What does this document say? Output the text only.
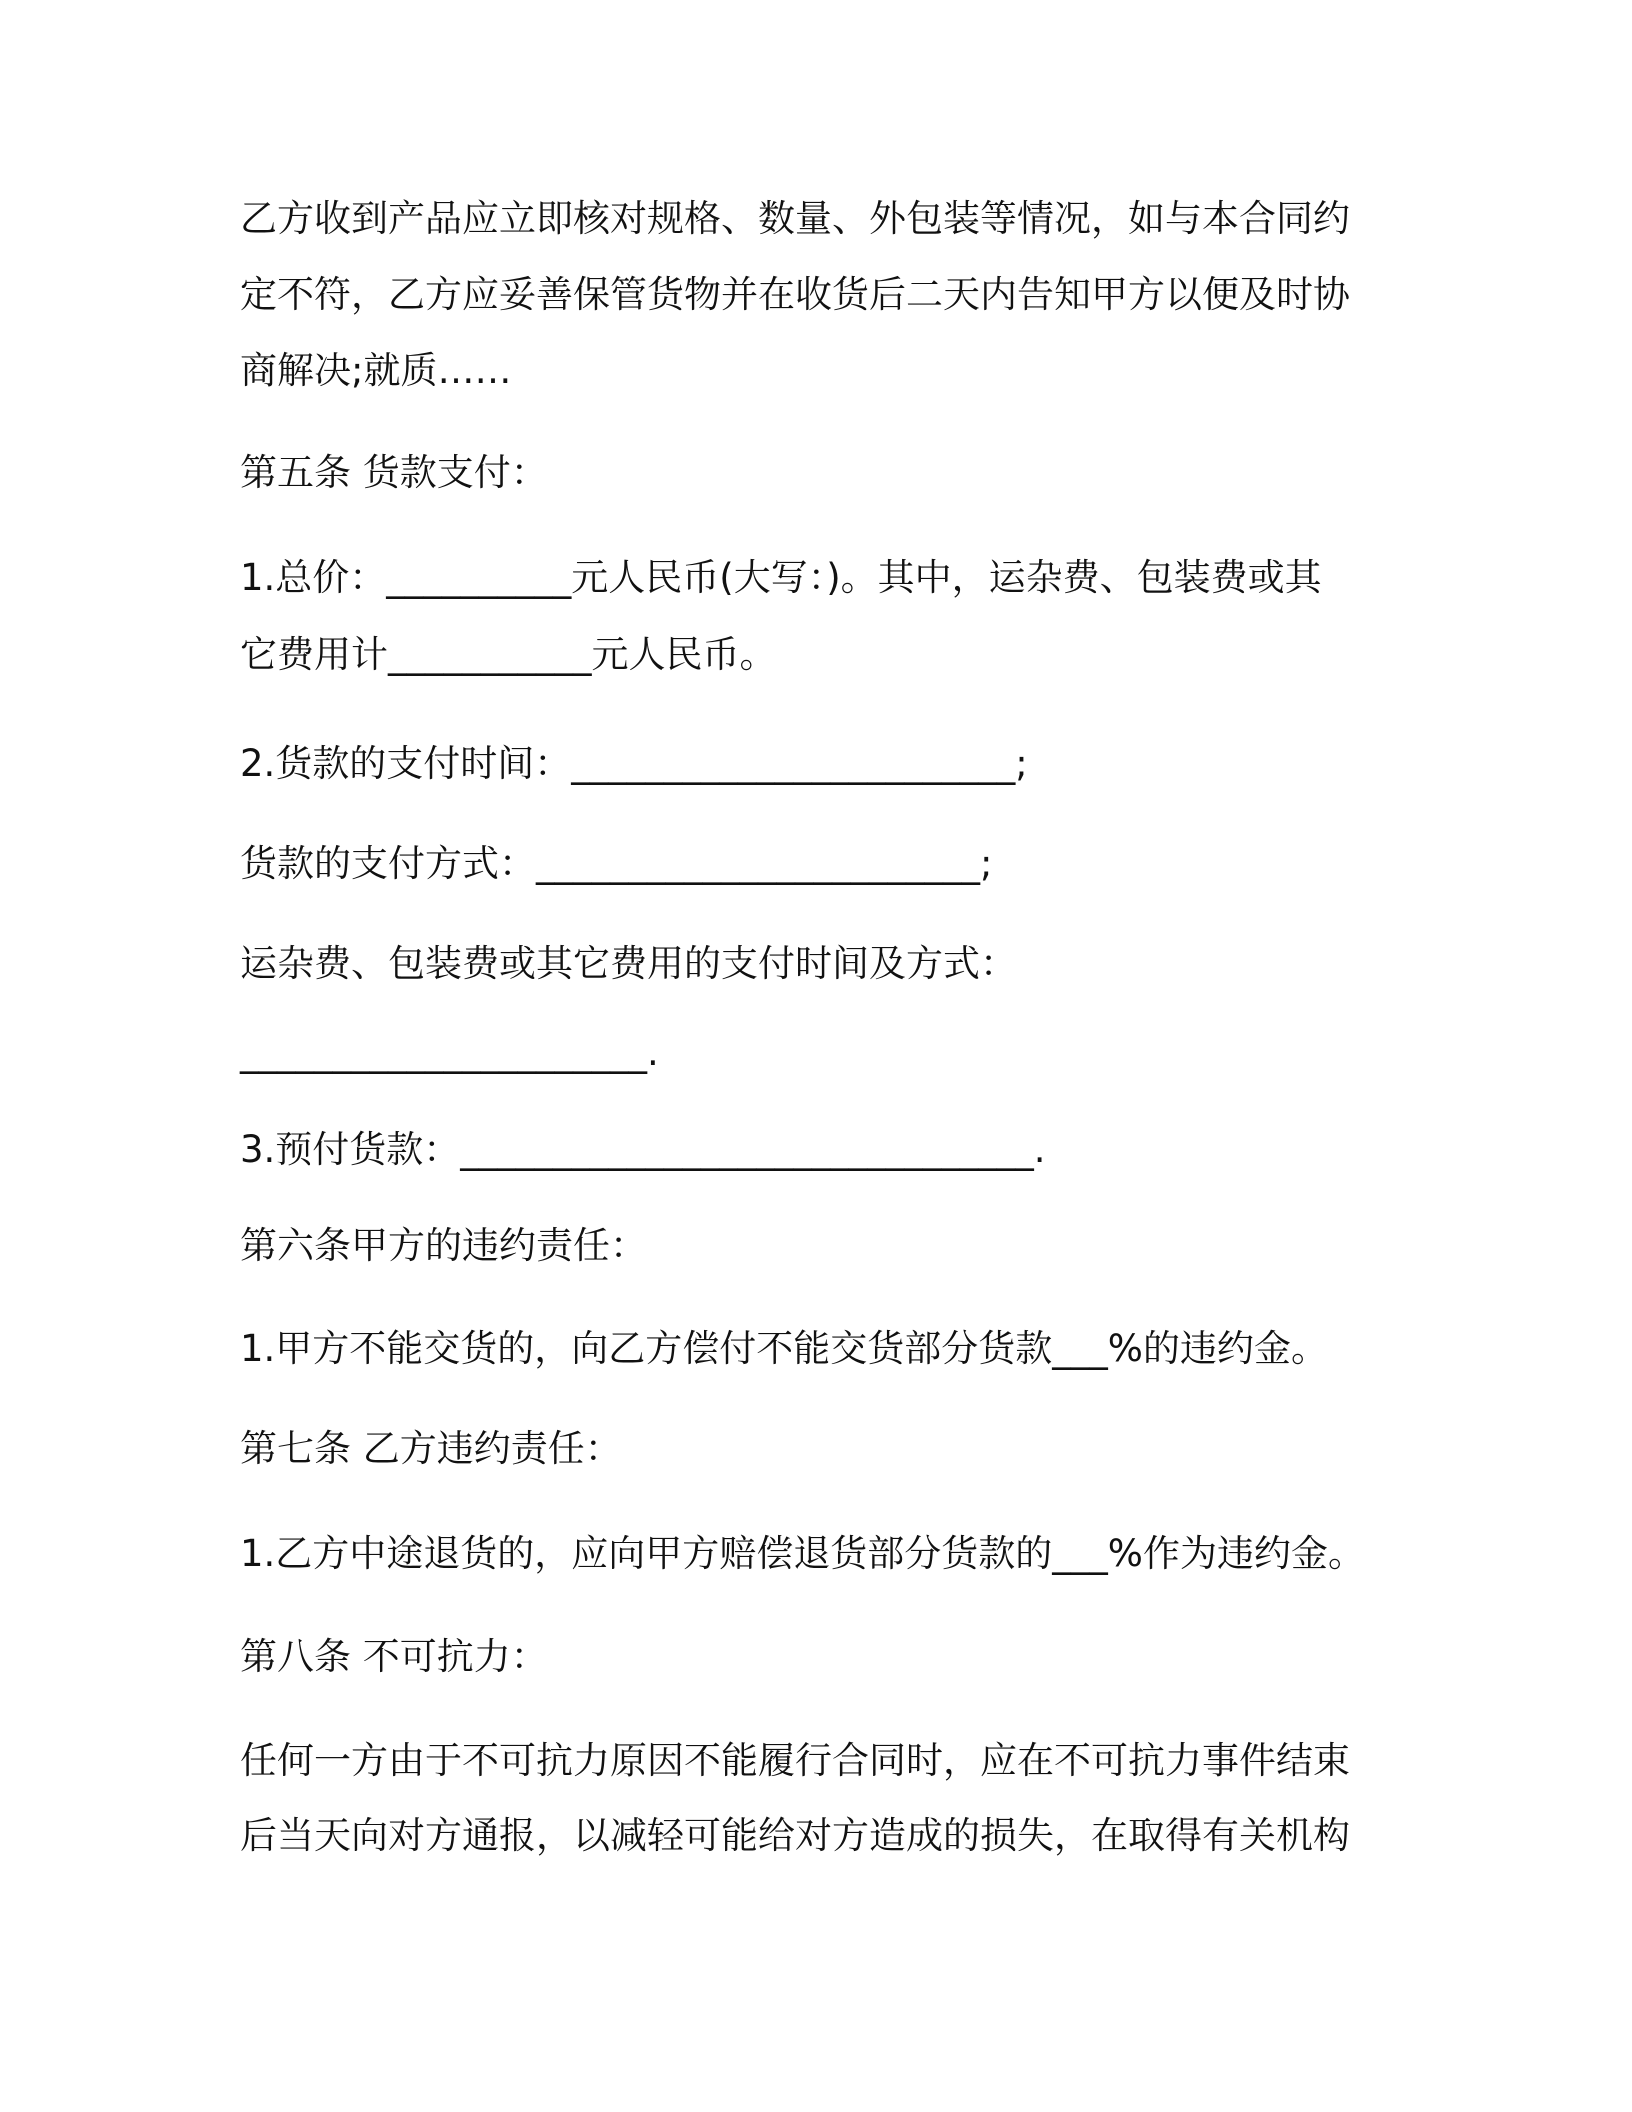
乙方收到产品应立即核对规格、数量、外包装等情况，如与本合同约
定不符，乙方应妥善保管货物并在收货后二天内告知甲方以便及时协
商解决;就质……
第五条 货款支付：
1.总价：__________元人民币(大写：)。其中，运杂费、包装费或其
它费用计___________元人民币。
2.货款的支付时间：________________________;
货款的支付方式：________________________;
运杂费、包装费或其它费用的支付时间及方式：
______________________.
3.预付货款：_______________________________.
第六条甲方的违约责任：
1.甲方不能交货的，向乙方偿付不能交货部分货款___%的违约金。
第七条 乙方违约责任：
1.乙方中途退货的，应向甲方赔偿退货部分货款的___%作为违约金。
第八条 不可抗力：
任何一方由于不可抗力原因不能履行合同时，应在不可抗力事件结束
后当天向对方通报，以减轻可能给对方造成的损失，在取得有关机构
